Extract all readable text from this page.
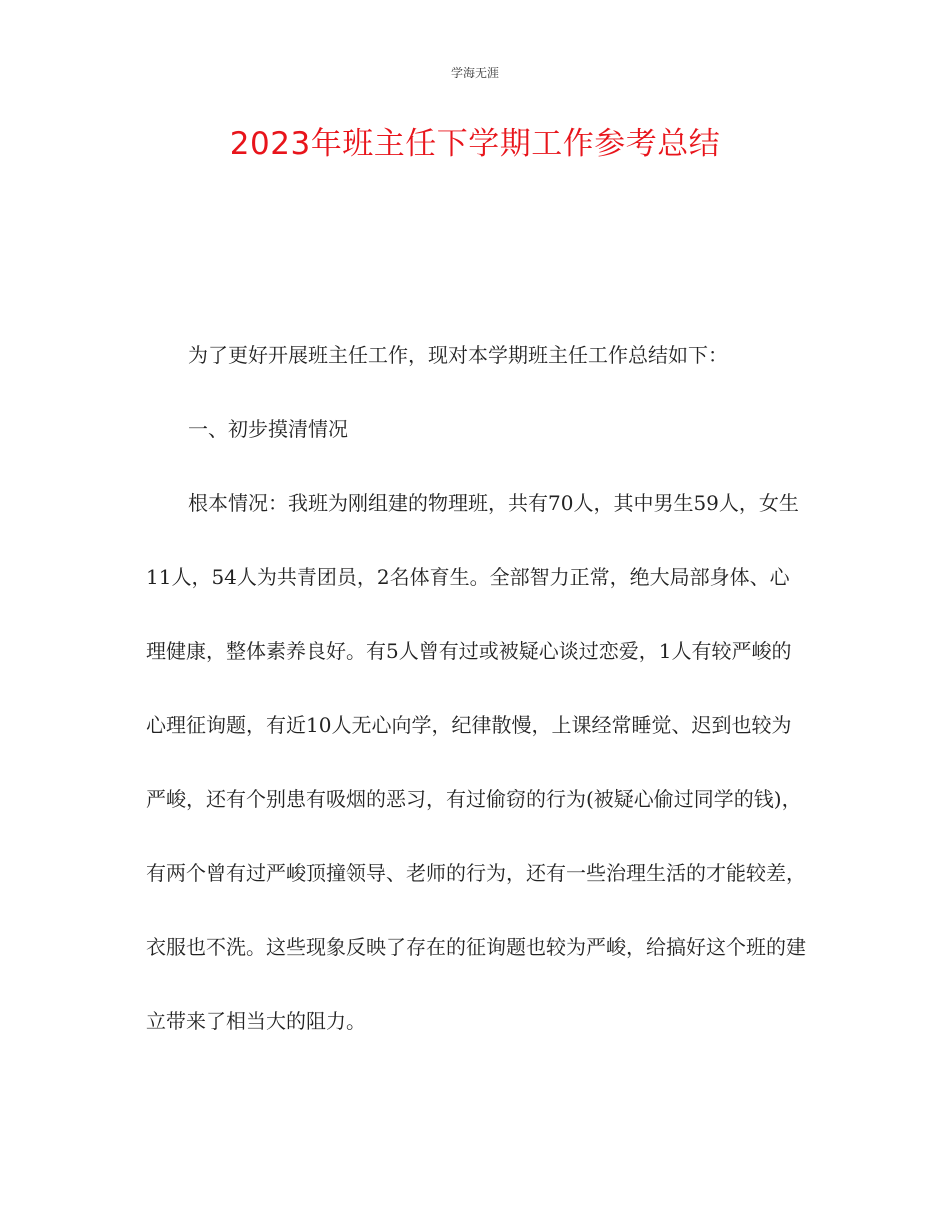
学海无涯
2023年班主任下学期工作参考总结

为了更好开展班主任工作，现对本学期班主任工作总结如下：

一、初步摸清情况

根本情况：我班为刚组建的物理班，共有70人，其中男生59人，女生11人，54人为共青团员，2名体育生。全部智力正常，绝大局部身体、心理健康，整体素养良好。有5人曾有过或被疑心谈过恋爱，1人有较严峻的心理征询题，有近10人无心向学，纪律散慢，上课经常睡觉、迟到也较为严峻，还有个别患有吸烟的恶习，有过偷窃的行为(被疑心偷过同学的钱)，有两个曾有过严峻顶撞领导、老师的行为，还有一些治理生活的才能较差，衣服也不洗。这些现象反映了存在的征询题也较为严峻，给搞好这个班的建立带来了相当大的阻力。
